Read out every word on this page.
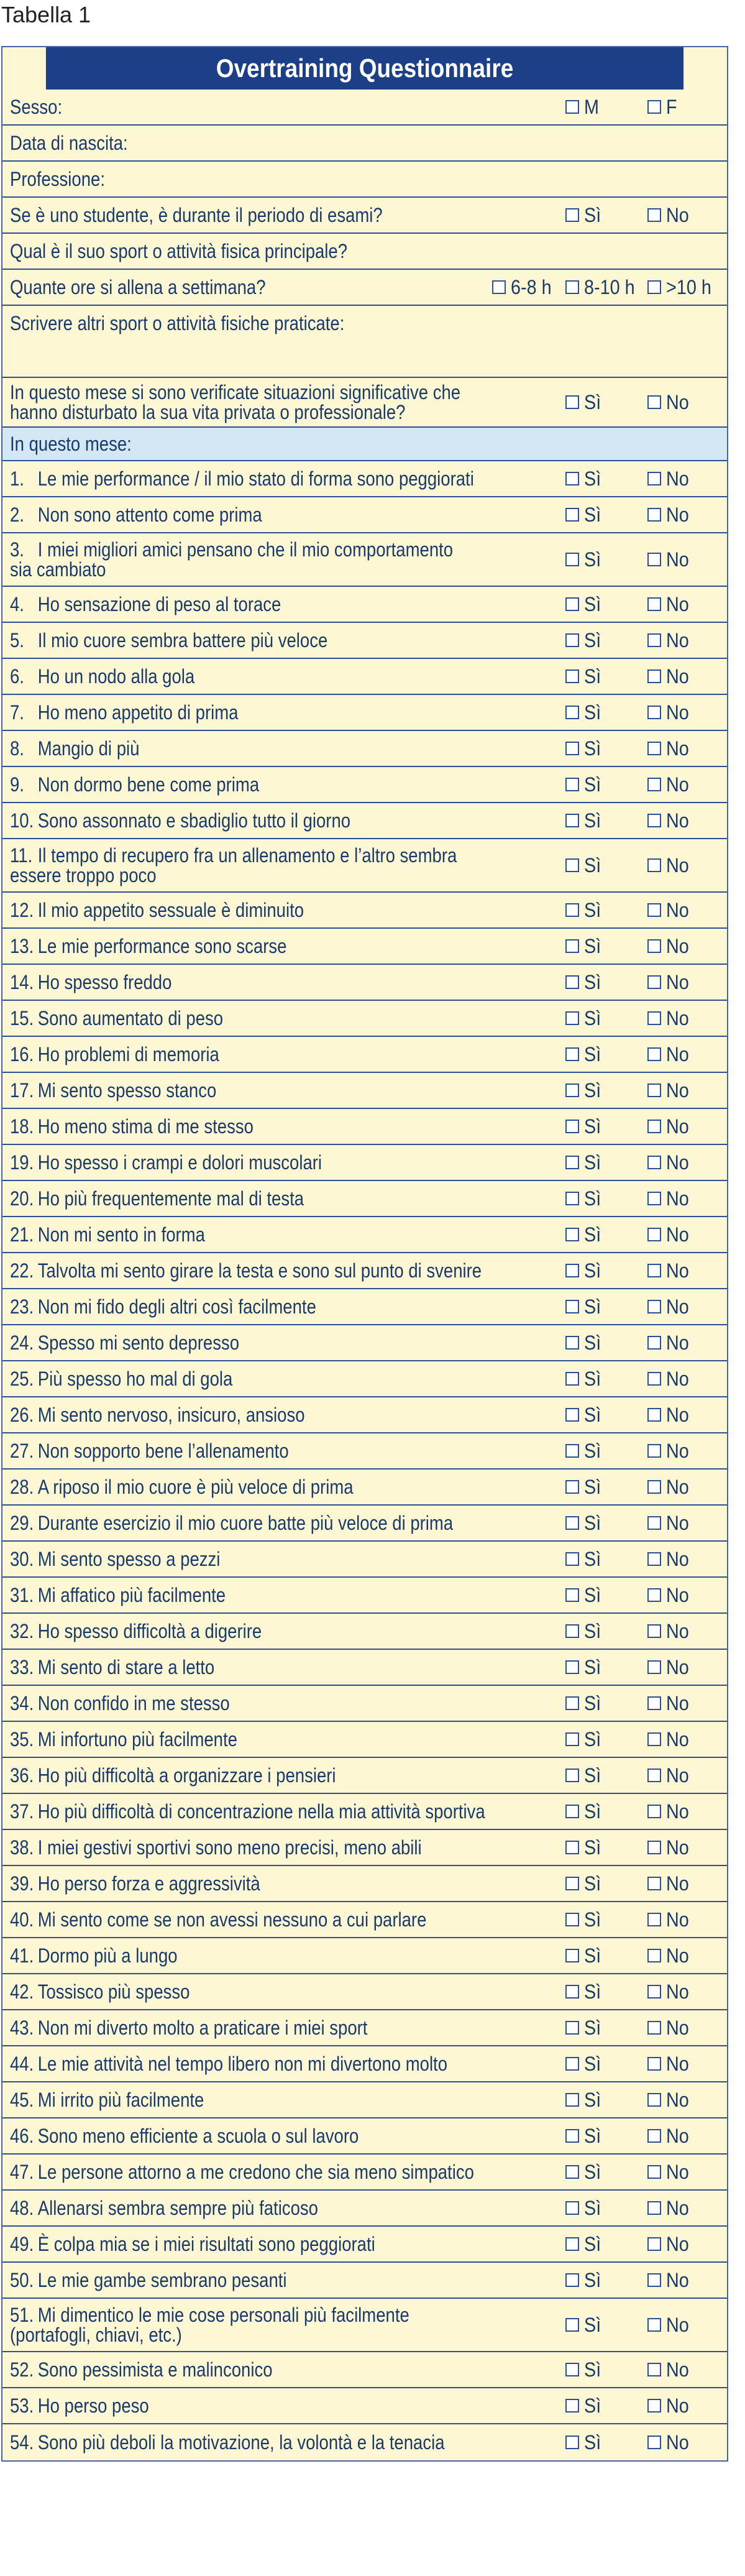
Tabella 1
Overtraining Questionnaire
Sesso:	M	F
Data di nascita:
Professione:
Se è uno studente, è durante il periodo di esami?	Sì	No
Qual è il suo sport o attività fisica principale?
Quante ore si allena a settimana?	6-8 h 8-10 h >10 h
Scrivere altri sport o attività fisiche praticate:
In questo mese si sono verificate situazioni significative che hanno disturbato la sua vita privata o professionale?	Sì	No
In questo mese:
1. Le mie performance / il mio stato di forma sono peggiorati	Sì	No
2. Non sono attento come prima	Sì	No
3. I miei migliori amici pensano che il mio comportamento sia cambiato	Sì	No
4. Ho sensazione di peso al torace	Sì	No
5. Il mio cuore sembra battere più veloce	Sì	No
6. Ho un nodo alla gola	Sì	No
7. Ho meno appetito di prima	Sì	No
8. Mangio di più	Sì	No
9. Non dormo bene come prima	Sì	No
10. Sono assonnato e sbadiglio tutto il giorno	Sì	No
11. Il tempo di recupero fra un allenamento e l’altro sembra essere troppo poco	Sì	No
12. Il mio appetito sessuale è diminuito	Sì	No
13. Le mie performance sono scarse	Sì	No
14. Ho spesso freddo	Sì	No
15. Sono aumentato di peso	Sì	No
16. Ho problemi di memoria	Sì	No
17. Mi sento spesso stanco	Sì	No
18. Ho meno stima di me stesso	Sì	No
19. Ho spesso i crampi e dolori muscolari	Sì	No
20. Ho più frequentemente mal di testa	Sì	No
21. Non mi sento in forma	Sì	No
22. Talvolta mi sento girare la testa e sono sul punto di svenire	Sì	No
23. Non mi fido degli altri così facilmente	Sì	No
24. Spesso mi sento depresso	Sì	No
25. Più spesso ho mal di gola	Sì	No
26. Mi sento nervoso, insicuro, ansioso	Sì	No
27. Non sopporto bene l’allenamento	Sì	No
28. A riposo il mio cuore è più veloce di prima	Sì	No
29. Durante esercizio il mio cuore batte più veloce di prima	Sì	No
30. Mi sento spesso a pezzi	Sì	No
31. Mi affatico più facilmente	Sì	No
32. Ho spesso difficoltà a digerire	Sì	No
33. Mi sento di stare a letto	Sì	No
34. Non confido in me stesso	Sì	No
35. Mi infortuno più facilmente	Sì	No
36. Ho più difficoltà a organizzare i pensieri	Sì	No
37. Ho più difficoltà di concentrazione nella mia attività sportiva	Sì	No
38. I miei gestivi sportivi sono meno precisi, meno abili	Sì	No
39. Ho perso forza e aggressività	Sì	No
40. Mi sento come se non avessi nessuno a cui parlare	Sì	No
41. Dormo più a lungo	Sì	No
42. Tossisco più spesso	Sì	No
43. Non mi diverto molto a praticare i miei sport	Sì	No
44. Le mie attività nel tempo libero non mi divertono molto	Sì	No
45. Mi irrito più facilmente	Sì	No
46. Sono meno efficiente a scuola o sul lavoro	Sì	No
47. Le persone attorno a me credono che sia meno simpatico	Sì	No
48. Allenarsi sembra sempre più faticoso	Sì	No
49. È colpa mia se i miei risultati sono peggiorati	Sì	No
50. Le mie gambe sembrano pesanti	Sì	No
51. Mi dimentico le mie cose personali più facilmente (portafogli, chiavi, etc.)	Sì	No
52. Sono pessimista e malinconico	Sì	No
53. Ho perso peso	Sì	No
54. Sono più deboli la motivazione, la volontà e la tenacia	Sì	No
